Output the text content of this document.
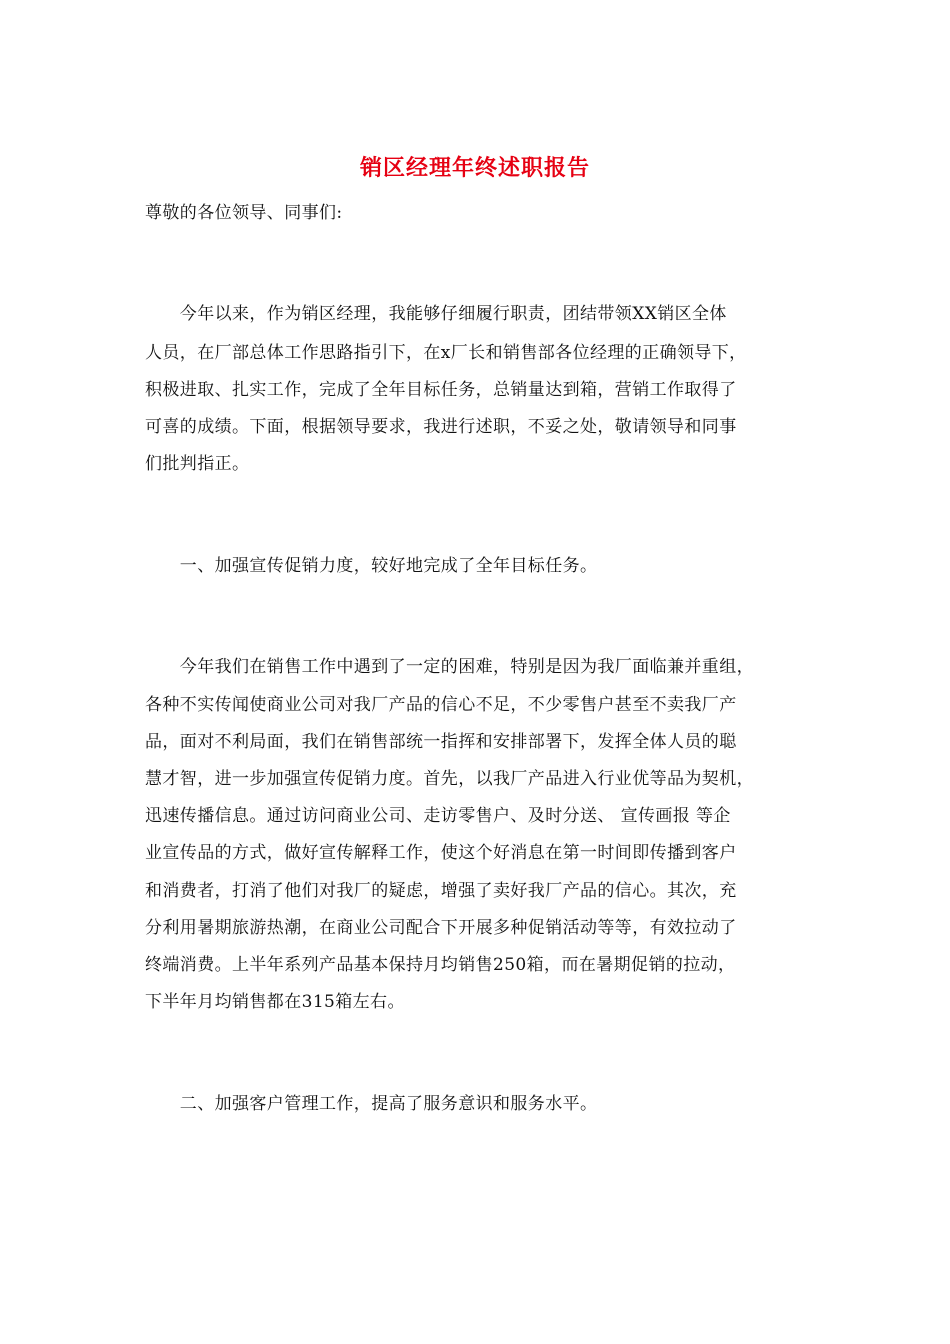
销区经理年终述职报告
尊敬的各位领导、同事们:
　　今年以来，作为销区经理，我能够仔细履行职责，团结带领XX销区全体
人员，在厂部总体工作思路指引下，在x厂长和销售部各位经理的正确领导下，
积极进取、扎实工作，完成了全年目标任务，总销量达到箱，营销工作取得了
可喜的成绩。下面，根据领导要求，我进行述职，不妥之处，敬请领导和同事
们批判指正。
　　一、加强宣传促销力度，较好地完成了全年目标任务。
　　今年我们在销售工作中遇到了一定的困难，特别是因为我厂面临兼并重组，
各种不实传闻使商业公司对我厂产品的信心不足，不少零售户甚至不卖我厂产
品，面对不利局面，我们在销售部统一指挥和安排部署下，发挥全体人员的聪
慧才智，进一步加强宣传促销力度。首先，以我厂产品进入行业优等品为契机，
迅速传播信息。通过访问商业公司、走访零售户、及时分送、 宣传画报 等企
业宣传品的方式，做好宣传解释工作，使这个好消息在第一时间即传播到客户
和消费者，打消了他们对我厂的疑虑，增强了卖好我厂产品的信心。其次，充
分利用暑期旅游热潮，在商业公司配合下开展多种促销活动等等，有效拉动了
终端消费。上半年系列产品基本保持月均销售250箱，而在暑期促销的拉动，
下半年月均销售都在315箱左右。
　　二、加强客户管理工作，提高了服务意识和服务水平。
